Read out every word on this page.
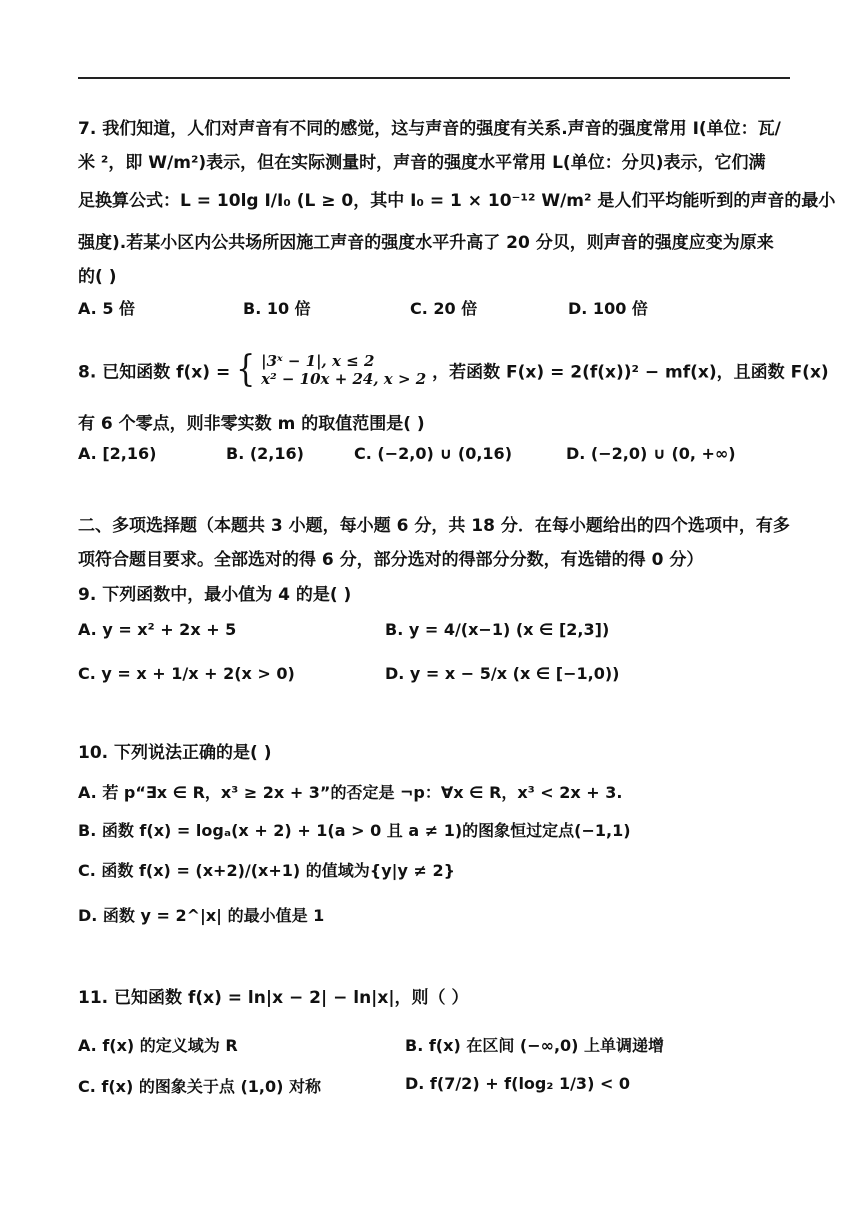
7. 我们知道，人们对声音有不同的感觉，这与声音的强度有关系.声音的强度常用 I(单位：瓦/
米 ²，即 W/m²)表示，但在实际测量时，声音的强度水平常用 L(单位：分贝)表示，它们满
足换算公式：L = 10lg I/I₀ (L ≥ 0，其中 I₀ = 1 × 10⁻¹² W/m² 是人们平均能听到的声音的最小
强度).若某小区内公共场所因施工声音的强度水平升高了 20 分贝，则声音的强度应变为原来
的( )
A. 5 倍	B. 10 倍	C. 20 倍	D. 100 倍
8. 已知函数 f(x) = { |3ˣ − 1|, x ≤ 2
x² − 10x + 24, x > 2 ，若函数 F(x) = 2(f(x))² − mf(x)，且函数 F(x)
有 6 个零点，则非零实数 m 的取值范围是( )
A. [2,16)	B. (2,16)	C. (−2,0) ∪ (0,16)	D. (−2,0) ∪ (0, +∞)
二、多项选择题（本题共 3 小题，每小题 6 分，共 18 分．在每小题给出的四个选项中，有多
项符合题目要求。全部选对的得 6 分，部分选对的得部分分数，有选错的得 0 分）
9. 下列函数中，最小值为 4 的是( )
A. y = x² + 2x + 5	B. y = 4/(x−1) (x ∈ [2,3])
C. y = x + 1/x + 2(x > 0)	D. y = x − 5/x (x ∈ [−1,0))
10. 下列说法正确的是( )
A. 若 p“∃x ∈ R，x³ ≥ 2x + 3”的否定是 ¬p：∀x ∈ R，x³ < 2x + 3.
B. 函数 f(x) = logₐ(x + 2) + 1(a > 0 且 a ≠ 1)的图象恒过定点(−1,1)
C. 函数 f(x) = (x+2)/(x+1) 的值域为{y|y ≠ 2}
D. 函数 y = 2^|x| 的最小值是 1
11. 已知函数 f(x) = ln|x − 2| − ln|x|，则（ ）
A. f(x) 的定义域为 R	B. f(x) 在区间 (−∞,0) 上单调递增
C. f(x) 的图象关于点 (1,0) 对称	D. f(7/2) + f(log₂ 1/3) < 0
